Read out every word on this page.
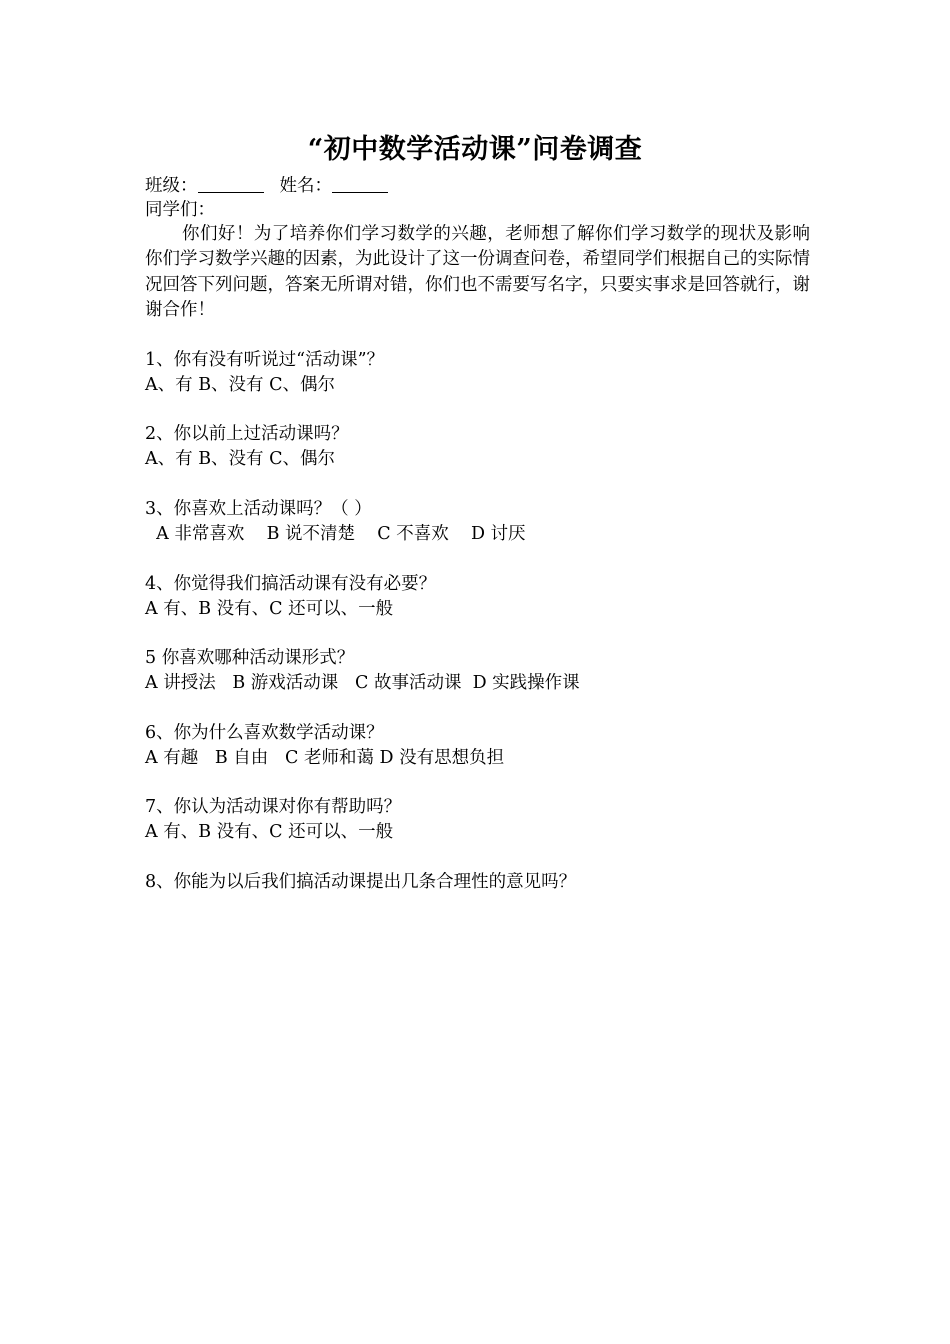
“初中数学活动课”问卷调查
班级：	姓名：
同学们：
你们好！为了培养你们学习数学的兴趣，老师想了解你们学习数学的现状及影响你们学习数学兴趣的因素，为此设计了这一份调查问卷，希望同学们根据自己的实际情况回答下列问题，答案无所谓对错，你们也不需要写名字，只要实事求是回答就行，谢谢合作！
1、你有没有听说过“活动课”？
A、有 B、没有 C、偶尔
2、你以前上过活动课吗？
A、有 B、没有 C、偶尔
3、你喜欢上活动课吗？（ ）
A 非常喜欢    B 说不清楚    C 不喜欢    D 讨厌
4、你觉得我们搞活动课有没有必要？
A 有、B 没有、C 还可以、一般
5 你喜欢哪种活动课形式？
A 讲授法   B 游戏活动课   C 故事活动课  D 实践操作课
6、你为什么喜欢数学活动课？
A 有趣   B 自由   C 老师和蔼 D 没有思想负担
7、你认为活动课对你有帮助吗？
A 有、B 没有、C 还可以、一般
8、你能为以后我们搞活动课提出几条合理性的意见吗？
